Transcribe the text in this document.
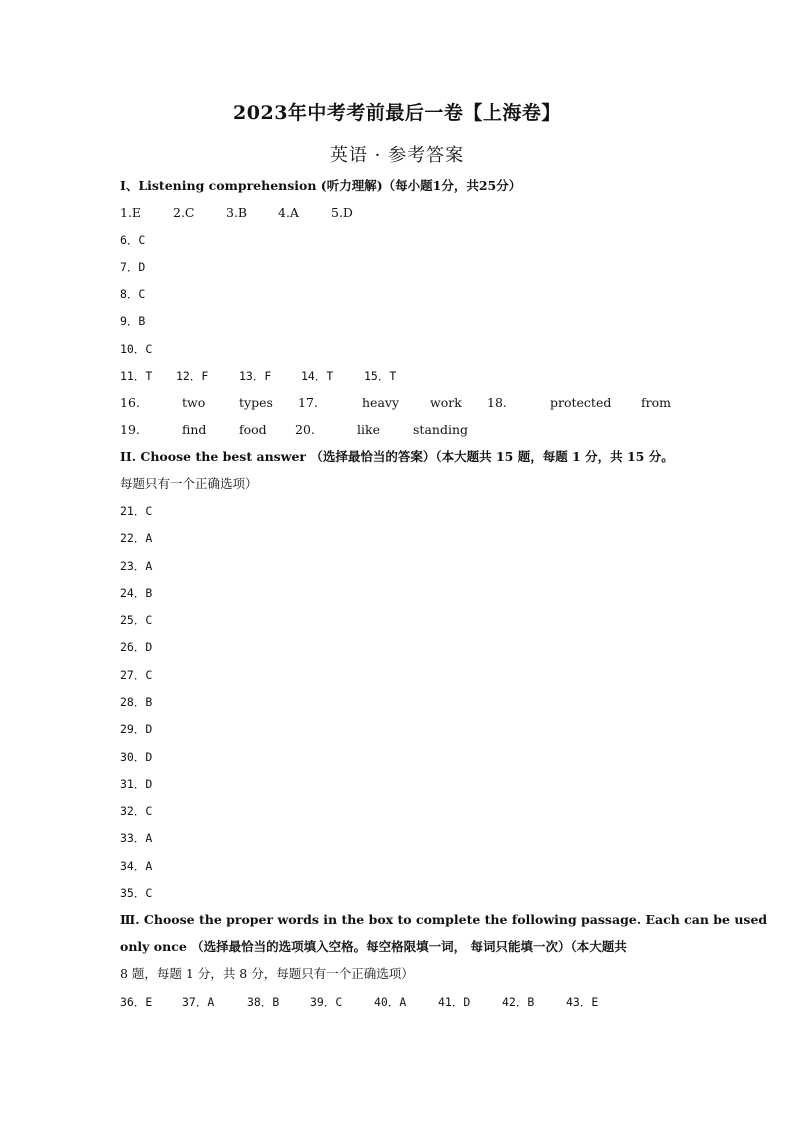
2023年中考考前最后一卷【上海卷】
英语 · 参考答案
I、Listening comprehension (听力理解)（每小题1分，共25分）
1.E	2.C	3.B 4.A	5.D
6．C
7．D
8．C
9．B
10．C
11．T 12．F	13．F	14．T	15．T
16.	two	types 17.	heavy work 18.	protected from
19.	find	food 20.	like	standing
II. Choose the best answer （选择最恰当的答案）（本大题共 15 题，每题 1 分，共 15 分。
每题只有一个正确选项）
21．C
22．A
23．A
24．B
25．C
26．D
27．C
28．B
29．D
30．D
31．D
32．C
33．A
34．A
35．C
Ⅲ. Choose the proper words in the box to complete the following passage. Each can be used
only once （选择最恰当的选项填入空格。每空格限填一词， 每词只能填一次）（本大题共
8 题，每题 1 分，共 8 分，每题只有一个正确选项）
36．E	37．A	38．B	39．C	40．A	41．D	42．B	43．E
